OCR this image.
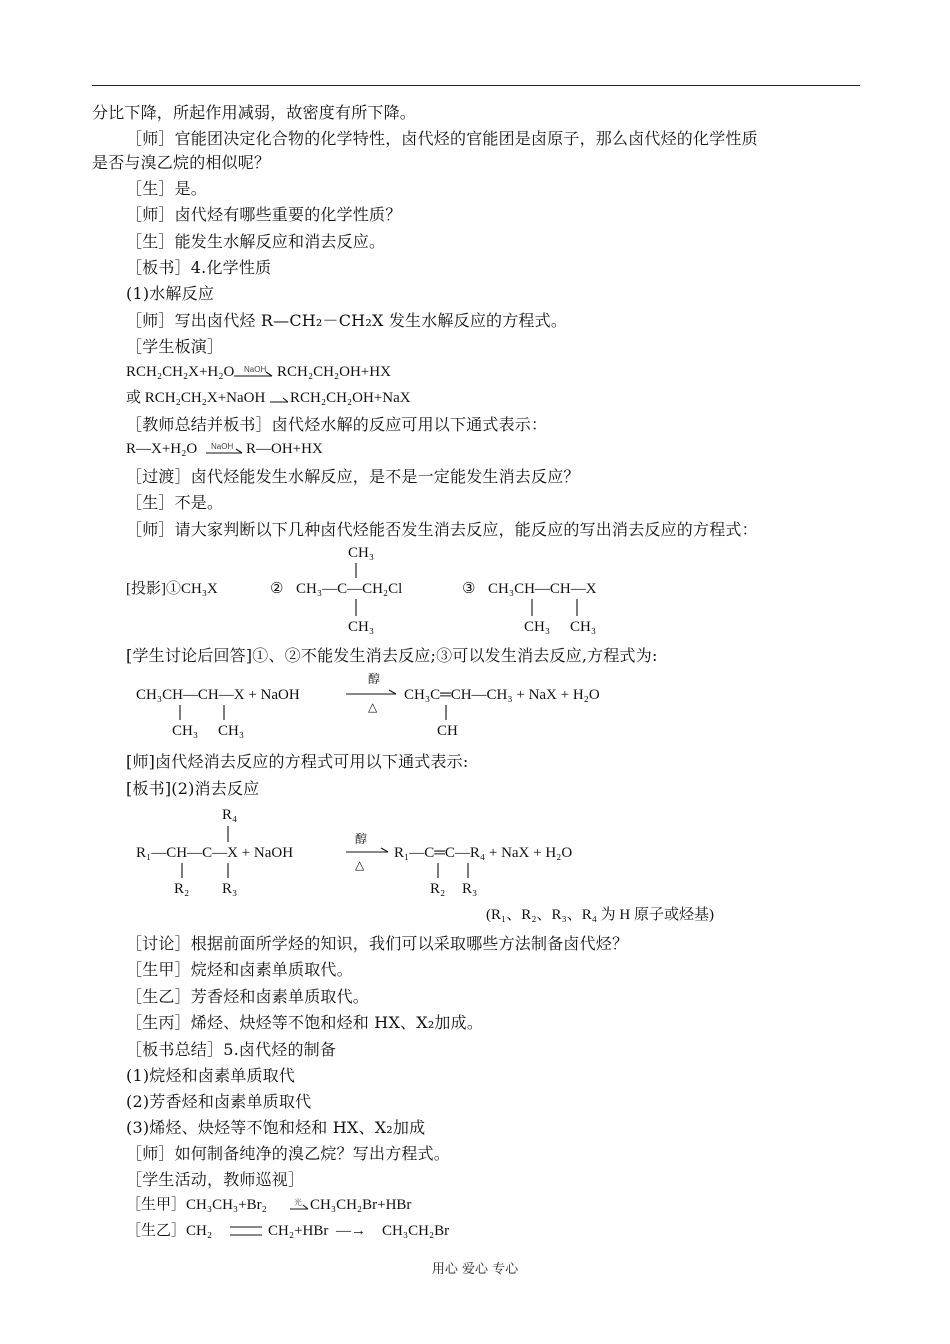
分比下降，所起作用减弱，故密度有所下降。
［师］官能团决定化合物的化学特性，卤代烃的官能团是卤原子，那么卤代烃的化学性质
是否与溴乙烷的相似呢？
［生］是。
［师］卤代烃有哪些重要的化学性质？
［生］能发生水解反应和消去反应。
［板书］4.化学性质
(1)水解反应
［师］写出卤代烃 R—CH₂－CH₂X 发生水解反应的方程式。
［学生板演］
RCH₂CH₂X+H₂O NaOH RCH₂CH₂OH+HX
或 RCH₂CH₂X+NaOH RCH₂CH₂OH+NaX
［教师总结并板书］卤代烃水解的反应可用以下通式表示：
R—X+H₂O NaOH R—OH+HX
［过渡］卤代烃能发生水解反应，是不是一定能发生消去反应？
［生］不是。
［师］请大家判断以下几种卤代烃能否发生消去反应，能反应的写出消去反应的方程式：
CH₃
[投影]①CH₃X	② CH₃—C—CH₂Cl
CH₃
③ CH₃CH—CH—X
CH₃ CH₃
[学生讨论后回答]①、②不能发生消去反应;③可以发生消去反应,方程式为:
醇
CH₃CH—CH—X + NaOH
△
CH₃C═CH—CH₃ + NaX + H₂O
CH₃ CH₃	CH
[师]卤代烃消去反应的方程式可用以下通式表示:
[板书](2)消去反应
R₄
醇
R₁—CH—C—X + NaOH
△
R₁—C═C—R₄ + NaX + H₂O
R₂ R₃	R₂ R₃
(R₁、R₂、R₃、R₄ 为 H 原子或烃基)
［讨论］根据前面所学烃的知识，我们可以采取哪些方法制备卤代烃？
［生甲］烷烃和卤素单质取代。
［生乙］芳香烃和卤素单质取代。
［生丙］烯烃、炔烃等不饱和烃和 HX、X₂加成。
［板书总结］5.卤代烃的制备
(1)烷烃和卤素单质取代
(2)芳香烃和卤素单质取代
(3)烯烃、炔烃等不饱和烃和 HX、X₂加成
［师］如何制备纯净的溴乙烷？写出方程式。
［学生活动，教师巡视］
［生甲］CH₃CH₃+Br₂	光 CH₃CH₂Br+HBr
［生乙］CH₂	CH₂+HBr —→ CH₃CH₂Br
用心 爱心 专心
